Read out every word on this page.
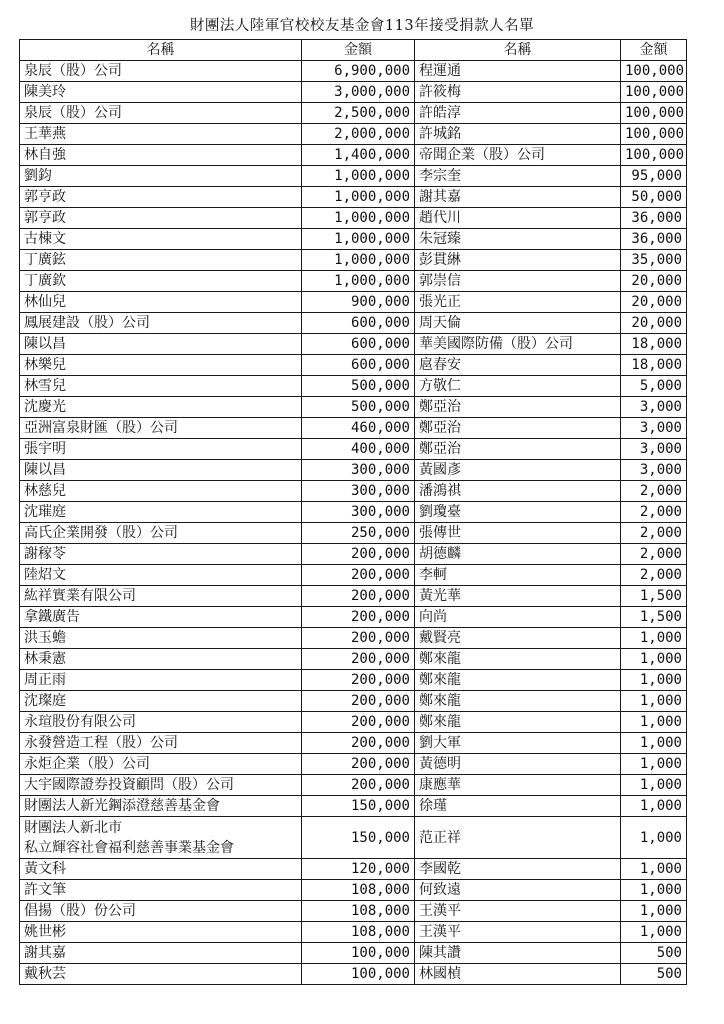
財團法人陸軍官校校友基金會113年接受捐款人名單
名稱	金額	名稱	金額

泉辰（股）公司	6,900,000	程運通	100,000

陳美玲	3,000,000	許筱梅	100,000

泉辰（股）公司	2,500,000	許皓淳	100,000

王華燕	2,000,000	許城銘	100,000

林自強	1,400,000	帝聞企業（股）公司	100,000

劉鈞	1,000,000	李宗奎	95,000

郭亨政	1,000,000	謝其嘉	50,000

郭亨政	1,000,000	趙代川	36,000

古棟文	1,000,000	朱冠臻	36,000

丁廣鉉	1,000,000	彭貫綝	35,000

丁廣欽	1,000,000	郭崇信	20,000

林仙兒	900,000	張光正	20,000

鳳展建設（股）公司	600,000	周天倫	20,000

陳以昌	600,000	華美國際防備（股）公司	18,000

林樂兒	600,000	扈春安	18,000

林雪兒	500,000	方敬仁	5,000

沈慶光	500,000	鄭亞治	3,000

亞洲富泉財匯（股）公司	460,000	鄭亞治	3,000

張宇明	400,000	鄭亞治	3,000

陳以昌	300,000	黃國彥	3,000

林慈兒	300,000	潘鴻祺	2,000

沈璀庭	300,000	劉瓊臺	2,000

高氏企業開發（股）公司	250,000	張傳世	2,000

謝稼苓	200,000	胡德麟	2,000

陸炤文	200,000	李軻	2,000

紘祥實業有限公司	200,000	黃光華	1,500

拿鐵廣告	200,000	向尚	1,500

洪玉蟾	200,000	戴賢亮	1,000

林秉憲	200,000	鄭來龍	1,000

周正雨	200,000	鄭來龍	1,000

沈璨庭	200,000	鄭來龍	1,000

永瑄股份有限公司	200,000	鄭來龍	1,000

永發營造工程（股）公司	200,000	劉大軍	1,000

永炬企業（股）公司	200,000	黃德明	1,000

大宇國際證券投資顧問（股）公司	200,000	康應華	1,000

財團法人新光鋼添澄慈善基金會	150,000	徐瑾	1,000

財團法人新北市
私立輝容社會福利慈善事業基金會	150,000	范正祥	1,000

黃文科	120,000	李國乾	1,000

許文筆	108,000	何致遠	1,000

倡揚（股）份公司	108,000	王漢平	1,000

姚世彬	108,000	王漢平	1,000

謝其嘉	100,000	陳其讚	500

戴秋芸	100,000	林國楨	500
